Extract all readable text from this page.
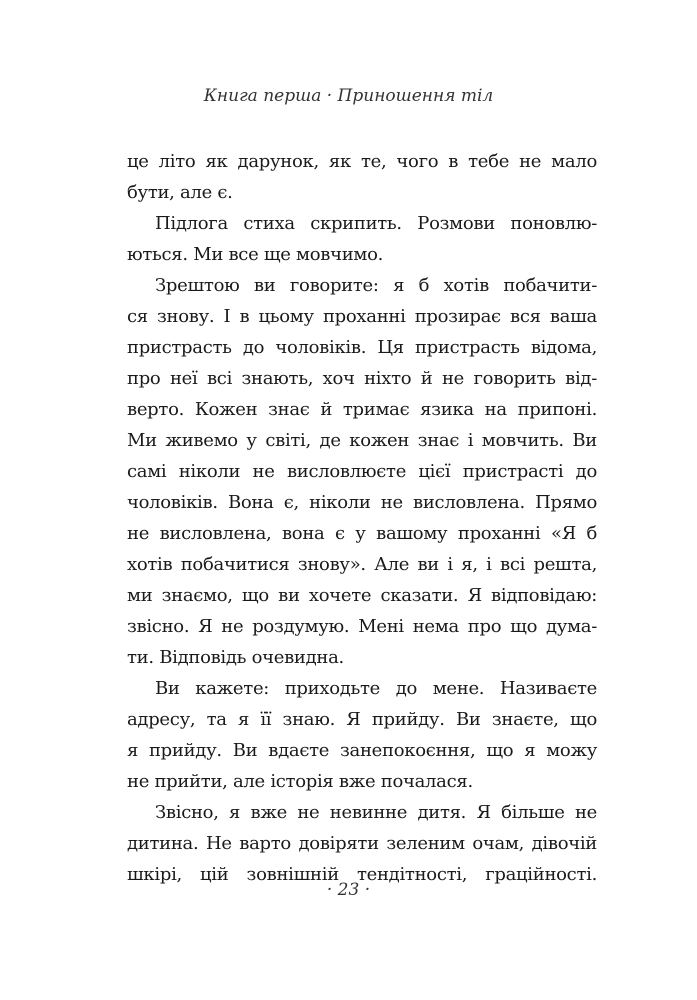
Книга перша · Приношення тіл
це літо як дарунок, як те, чого в тебе не мало
бути, але є.
Підлога стиха скрипить. Розмови поновлю-
ються. Ми все ще мовчимо.
Зрештою ви говорите: я б хотів побачити-
ся знову. І в цьому проханні прозирає вся ваша
пристрасть до чоловіків. Ця пристрасть відома,
про неї всі знають, хоч ніхто й не говорить від-
верто. Кожен знає й тримає язика на припоні.
Ми живемо у світі, де кожен знає і мовчить. Ви
самі ніколи не висловлюєте цієї пристрасті до
чоловіків. Вона є, ніколи не висловлена. Прямо
не висловлена, вона є у вашому проханні «Я б
хотів побачитися знову». Але ви і я, і всі решта,
ми знаємо, що ви хочете сказати. Я відповідаю:
звісно. Я не роздумую. Мені нема про що дума-
ти. Відповідь очевидна.
Ви кажете: приходьте до мене. Називаєте
адресу, та я її знаю. Я прийду. Ви знаєте, що
я прийду. Ви вдаєте занепокоєння, що я можу
не прийти, але історія вже почалася.
Звісно, я вже не невинне дитя. Я більше не
дитина. Не варто довіряти зеленим очам, дівочій
шкірі, цій зовнішній тендітності, граційності.
· 23 ·
